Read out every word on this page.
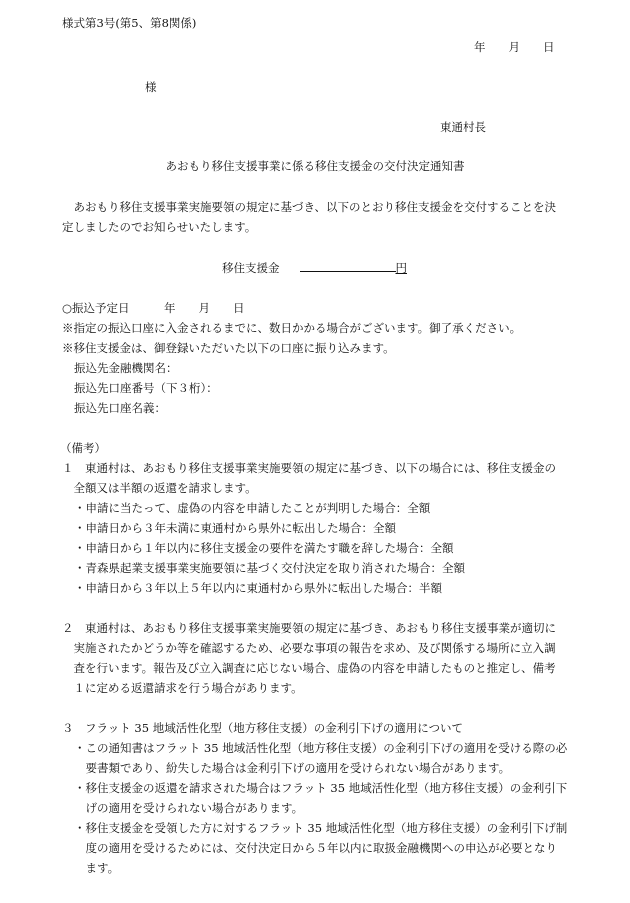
様式第3号(第5、第8関係)
年　　月　　日
様
東通村長
あおもり移住支援事業に係る移住支援金の交付決定通知書
　あおもり移住支援事業実施要領の規定に基づき、以下のとおり移住支援金を交付することを決
定しましたのでお知らせいたします。
移住支援金	円
○振込予定日　　　年　　月　　日
※指定の振込口座に入金されるまでに、数日かかる場合がございます。御了承ください。
※移住支援金は、御登録いただいた以下の口座に振り込みます。
振込先金融機関名：
振込先口座番号（下３桁）：
振込先口座名義：
（備考）
１　東通村は、あおもり移住支援事業実施要領の規定に基づき、以下の場合には、移住支援金の
　全額又は半額の返還を請求します。
・申請に当たって、虚偽の内容を申請したことが判明した場合：全額
・申請日から３年未満に東通村から県外に転出した場合：全額
・申請日から１年以内に移住支援金の要件を満たす職を辞した場合：全額
・青森県起業支援事業実施要領に基づく交付決定を取り消された場合：全額
・申請日から３年以上５年以内に東通村から県外に転出した場合：半額
２　東通村は、あおもり移住支援事業実施要領の規定に基づき、あおもり移住支援事業が適切に
　実施されたかどうか等を確認するため、必要な事項の報告を求め、及び関係する場所に立入調
　査を行います。報告及び立入調査に応じない場合、虚偽の内容を申請したものと推定し、備考
　１に定める返還請求を行う場合があります。
３　フラット 35 地域活性化型（地方移住支援）の金利引下げの適用について
・この通知書はフラット 35 地域活性化型（地方移住支援）の金利引下げの適用を受ける際の必
　要書類であり、紛失した場合は金利引下げの適用を受けられない場合があります。
・移住支援金の返還を請求された場合はフラット 35 地域活性化型（地方移住支援）の金利引下
　げの適用を受けられない場合があります。
・移住支援金を受領した方に対するフラット 35 地域活性化型（地方移住支援）の金利引下げ制
　度の適用を受けるためには、交付決定日から５年以内に取扱金融機関への申込が必要となり
　ます。
